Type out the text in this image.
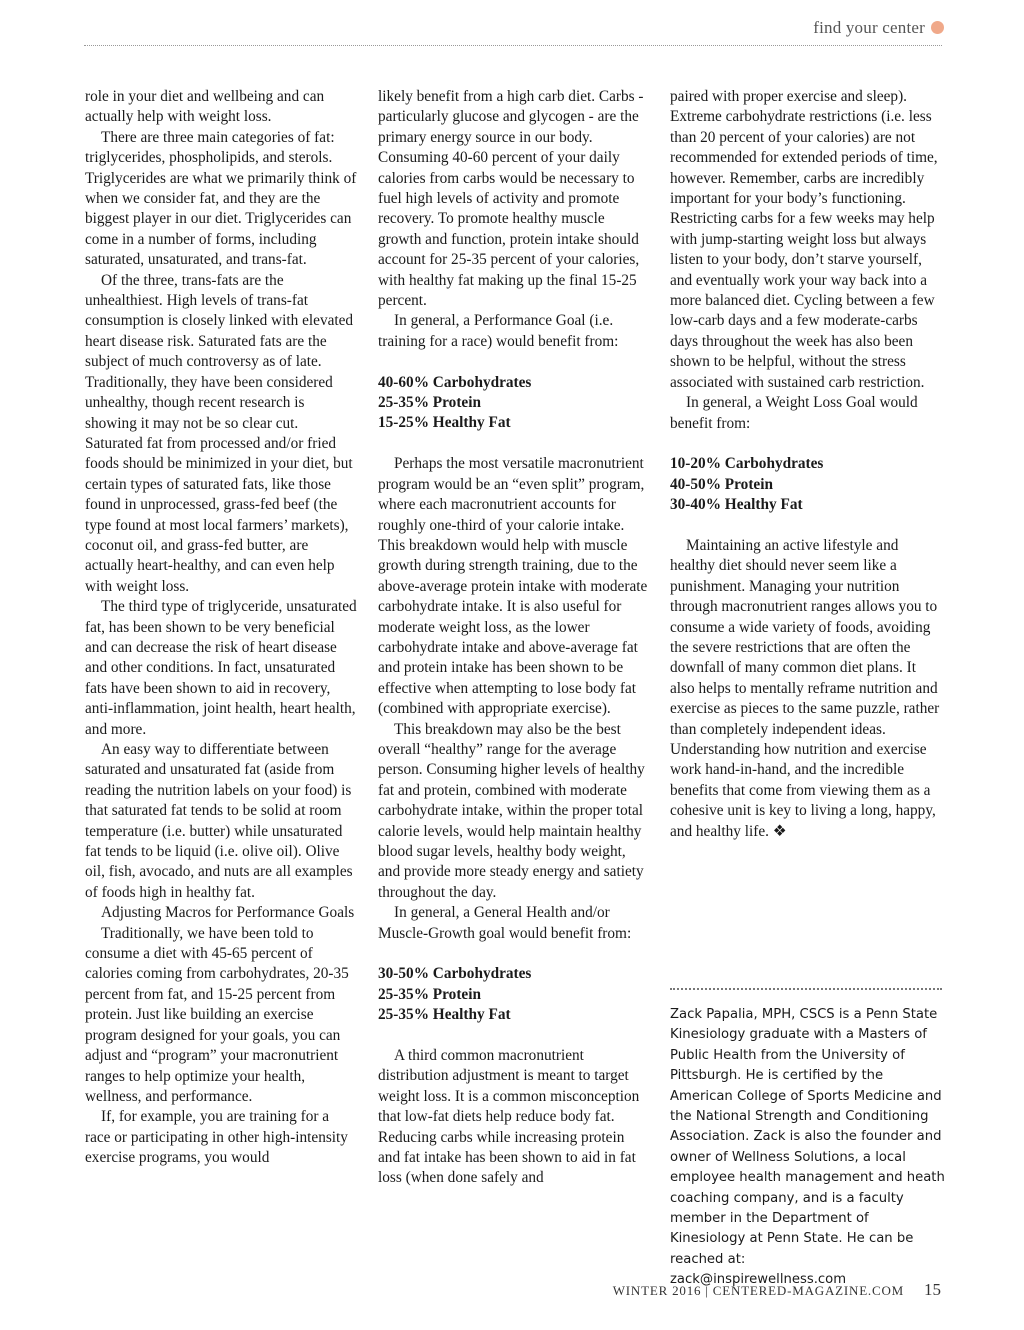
find your center

role in your diet and wellbeing and can actually help with weight loss.

There are three main categories of fat: triglycerides, phospholipids, and sterols. Triglycerides are what we primarily think of when we consider fat, and they are the biggest player in our diet. Triglycerides can come in a number of forms, including saturated, unsaturated, and trans-fat.

Of the three, trans-fats are the unhealthiest. High levels of trans-fat consumption is closely linked with elevated heart disease risk. Saturated fats are the subject of much controversy as of late. Traditionally, they have been considered unhealthy, though recent research is showing it may not be so clear cut. Saturated fat from processed and/or fried foods should be minimized in your diet, but certain types of saturated fats, like those found in unprocessed, grass-fed beef (the type found at most local farmers’ markets), coconut oil, and grass-fed butter, are actually heart-healthy, and can even help with weight loss.

The third type of triglyceride, unsaturated fat, has been shown to be very beneficial and can decrease the risk of heart disease and other conditions. In fact, unsaturated fats have been shown to aid in recovery, anti-inflammation, joint health, heart health, and more.

An easy way to differentiate between saturated and unsaturated fat (aside from reading the nutrition labels on your food) is that saturated fat tends to be solid at room temperature (i.e. butter) while unsaturated fat tends to be liquid (i.e. olive oil). Olive oil, fish, avocado, and nuts are all examples of foods high in healthy fat.

Adjusting Macros for Performance Goals

Traditionally, we have been told to consume a diet with 45-65 percent of calories coming from carbohydrates, 20-35 percent from fat, and 15-25 percent from protein. Just like building an exercise program designed for your goals, you can adjust and “program” your macronutrient ranges to help optimize your health, wellness, and performance.

If, for example, you are training for a race or participating in other high-intensity exercise programs, you would

likely benefit from a high carb diet. Carbs - particularly glucose and glycogen - are the primary energy source in our body. Consuming 40-60 percent of your daily calories from carbs would be necessary to fuel high levels of activity and promote recovery. To promote healthy muscle growth and function, protein intake should account for 25-35 percent of your calories, with healthy fat making up the final 15-25 percent.

In general, a Performance Goal (i.e. training for a race) would benefit from:

40-60% Carbohydrates

25-35% Protein

15-25% Healthy Fat

Perhaps the most versatile macronutrient program would be an “even split” program, where each macronutrient accounts for roughly one-third of your calorie intake. This breakdown would help with muscle growth during strength training, due to the above-average protein intake with moderate carbohydrate intake. It is also useful for moderate weight loss, as the lower carbohydrate intake and above-average fat and protein intake has been shown to be effective when attempting to lose body fat (combined with appropriate exercise).

This breakdown may also be the best overall “healthy” range for the average person. Consuming higher levels of healthy fat and protein, combined with moderate carbohydrate intake, within the proper total calorie levels, would help maintain healthy blood sugar levels, healthy body weight, and provide more steady energy and satiety throughout the day.

In general, a General Health and/or Muscle-Growth goal would benefit from:

30-50% Carbohydrates

25-35% Protein

25-35% Healthy Fat

A third common macronutrient distribution adjustment is meant to target weight loss. It is a common misconception that low-fat diets help reduce body fat. Reducing carbs while increasing protein and fat intake has been shown to aid in fat loss (when done safely and

paired with proper exercise and sleep). Extreme carbohydrate restrictions (i.e. less than 20 percent of your calories) are not recommended for extended periods of time, however. Remember, carbs are incredibly important for your body’s functioning. Restricting carbs for a few weeks may help with jump-starting weight loss but always listen to your body, don’t starve yourself, and eventually work your way back into a more balanced diet. Cycling between a few low-carb days and a few moderate-carbs days throughout the week has also been shown to be helpful, without the stress associated with sustained carb restriction.

In general, a Weight Loss Goal would benefit from:

10-20% Carbohydrates

40-50% Protein

30-40% Healthy Fat

Maintaining an active lifestyle and healthy diet should never seem like a punishment. Managing your nutrition through macronutrient ranges allows you to consume a wide variety of foods, avoiding the severe restrictions that are often the downfall of many common diet plans. It also helps to mentally reframe nutrition and exercise as pieces to the same puzzle, rather than completely independent ideas. Understanding how nutrition and exercise work hand-in-hand, and the incredible benefits that come from viewing them as a cohesive unit is key to living a long, happy, and healthy life. ❖

Zack Papalia, MPH, CSCS is a Penn State Kinesiology graduate with a Masters of Public Health from the University of Pittsburgh. He is certified by the American College of Sports Medicine and the National Strength and Conditioning Association. Zack is also the founder and owner of Wellness Solutions, a local employee health management and heath coaching company, and is a faculty member in the Department of Kinesiology at Penn State. He can be reached at:

zack@inspirewellness.com

WINTER 2016 | CENTERED-MAGAZINE.COM 15
